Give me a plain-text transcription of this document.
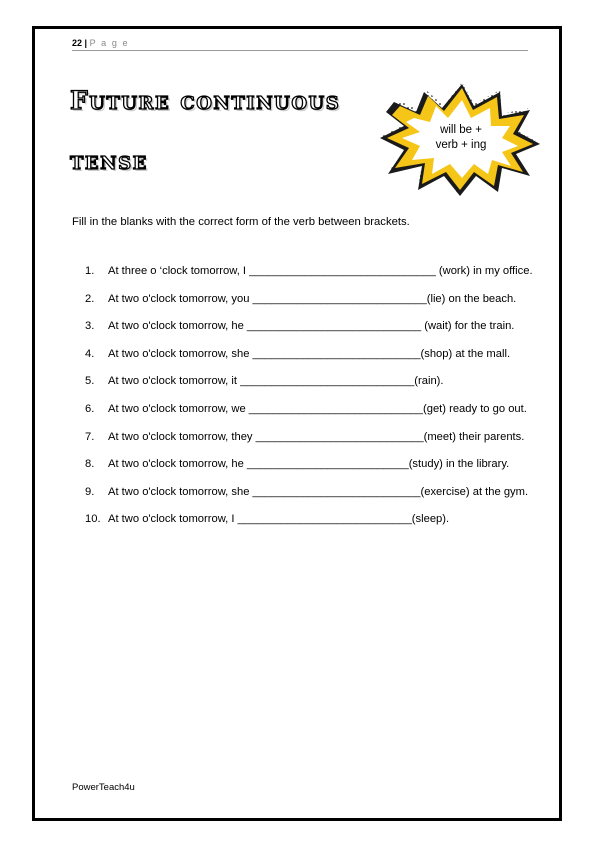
22 | P a g e
Future continuous
tense
will be +
verb + ing
Fill in the blanks with the correct form of the verb between brackets.
1. At three o ‘clock tomorrow, I ______________________________ (work) in my office.
2. At two o'clock tomorrow, you ____________________________(lie) on the beach.
3. At two o'clock tomorrow, he ____________________________ (wait) for the train.
4. At two o'clock tomorrow, she ___________________________(shop) at the mall.
5. At two o'clock tomorrow, it ____________________________(rain).
6. At two o'clock tomorrow, we ____________________________(get) ready to go out.
7. At two o'clock tomorrow, they ___________________________(meet) their parents.
8. At two o'clock tomorrow, he __________________________(study) in the library.
9. At two o'clock tomorrow, she ___________________________(exercise) at the gym.
10. At two o'clock tomorrow, I ____________________________(sleep).
PowerTeach4u
